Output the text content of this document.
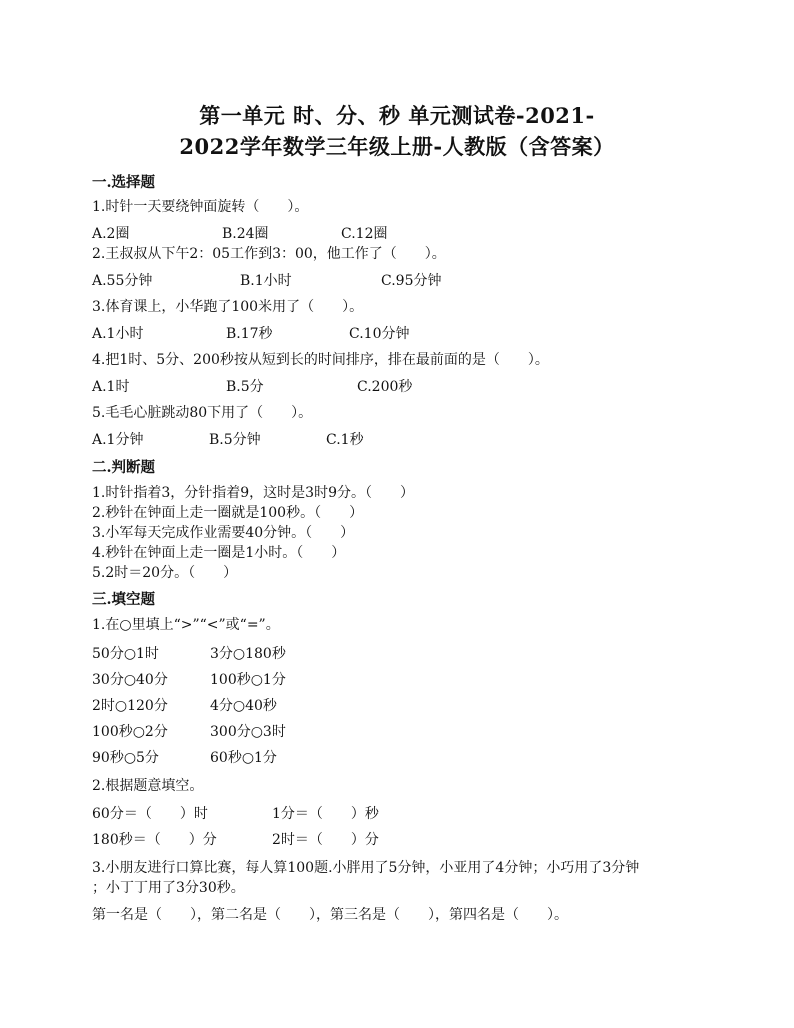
第一单元 时、分、秒 单元测试卷-2021-
2022学年数学三年级上册-人教版（含答案）
一.选择题
1.时针一天要绕钟面旋转（　　）。
A.2圈	B.24圈	C.12圈
2.王叔叔从下午2：05工作到3：00，他工作了（　　）。
A.55分钟	B.1小时	C.95分钟
3.体育课上，小华跑了100米用了（　　）。
A.1小时	B.17秒	C.10分钟
4.把1时、5分、200秒按从短到长的时间排序，排在最前面的是（　　）。
A.1时	B.5分	C.200秒
5.毛毛心脏跳动80下用了（　　）。
A.1分钟	B.5分钟	C.1秒
二.判断题
1.时针指着3，分针指着9，这时是3时9分。（　　）
2.秒针在钟面上走一圈就是100秒。（　　）
3.小军每天完成作业需要40分钟。（　　）
4.秒针在钟面上走一圈是1小时。（　　）
5.2时＝20分。（　　）
三.填空题
1.在○里填上“>”“<”或“=”。
50分○1时	3分○180秒
30分○40分	100秒○1分
2时○120分	4分○40秒
100秒○2分	300分○3时
90秒○5分	60秒○1分
2.根据题意填空。
60分＝（　　）时	1分＝（　　）秒
180秒＝（　　）分	2时＝（　　）分
3.小朋友进行口算比赛，每人算100题.小胖用了5分钟，小亚用了4分钟；小巧用了3分钟
；小丁丁用了3分30秒。
第一名是（　　），第二名是（　　），第三名是（　　），第四名是（　　）。
